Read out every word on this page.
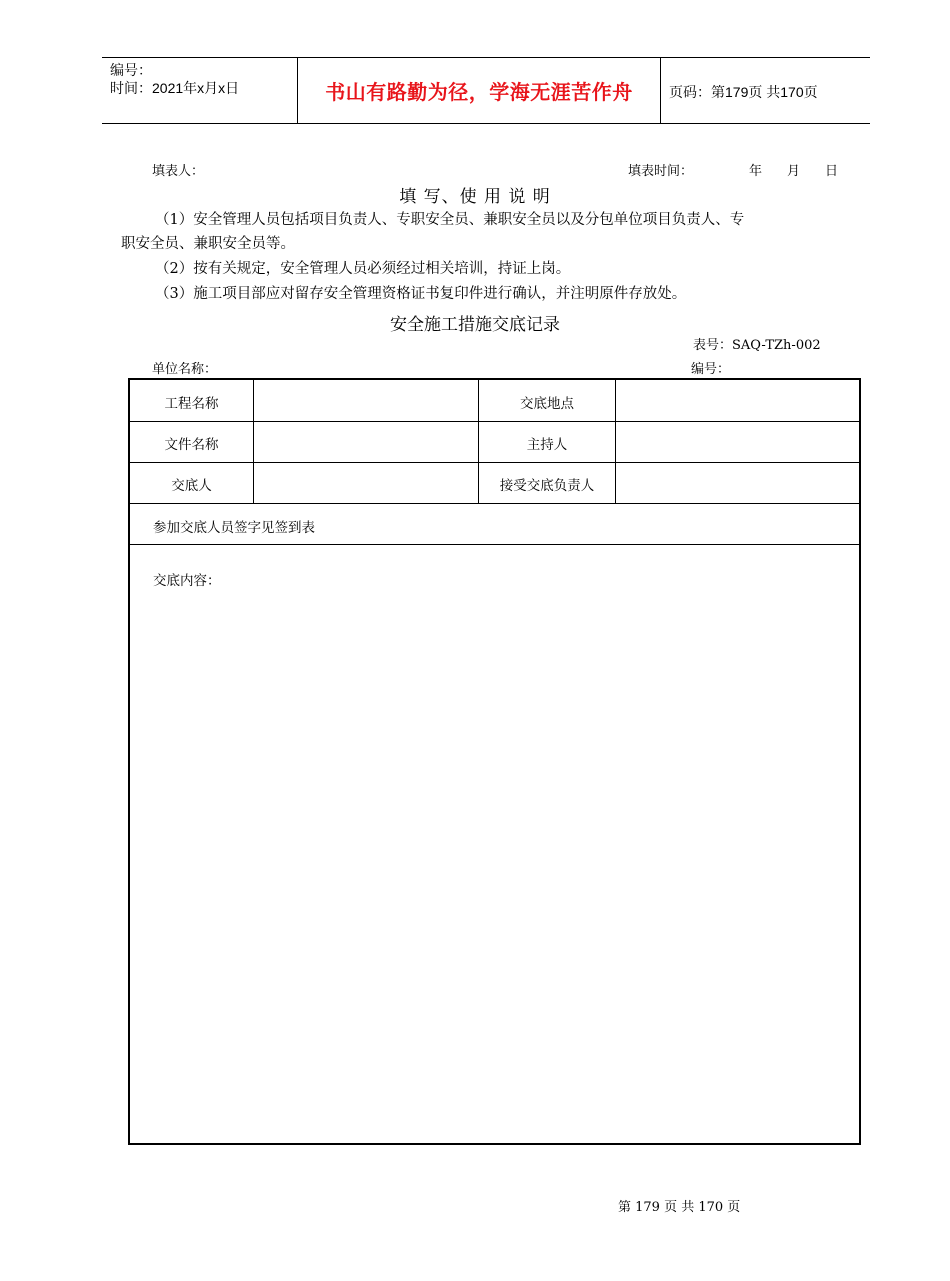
编号：
时间：2021年x月x日	书山有路勤为径，学海无涯苦作舟	页码：第179页 共170页
填表人：	填表时间：	年 月 日
填 写、使 用 说 明
（1）安全管理人员包括项目负责人、专职安全员、兼职安全员以及分包单位项目负责人、专
职安全员、兼职安全员等。
（2）按有关规定，安全管理人员必须经过相关培训，持证上岗。
（3）施工项目部应对留存安全管理资格证书复印件进行确认，并注明原件存放处。
安全施工措施交底记录
表号：SAQ-TZh-002
单位名称：	编号：
工程名称	交底地点
文件名称	主持人
交底人	接受交底负责人
参加交底人员签字见签到表
交底内容：
第 179 页 共 170 页
